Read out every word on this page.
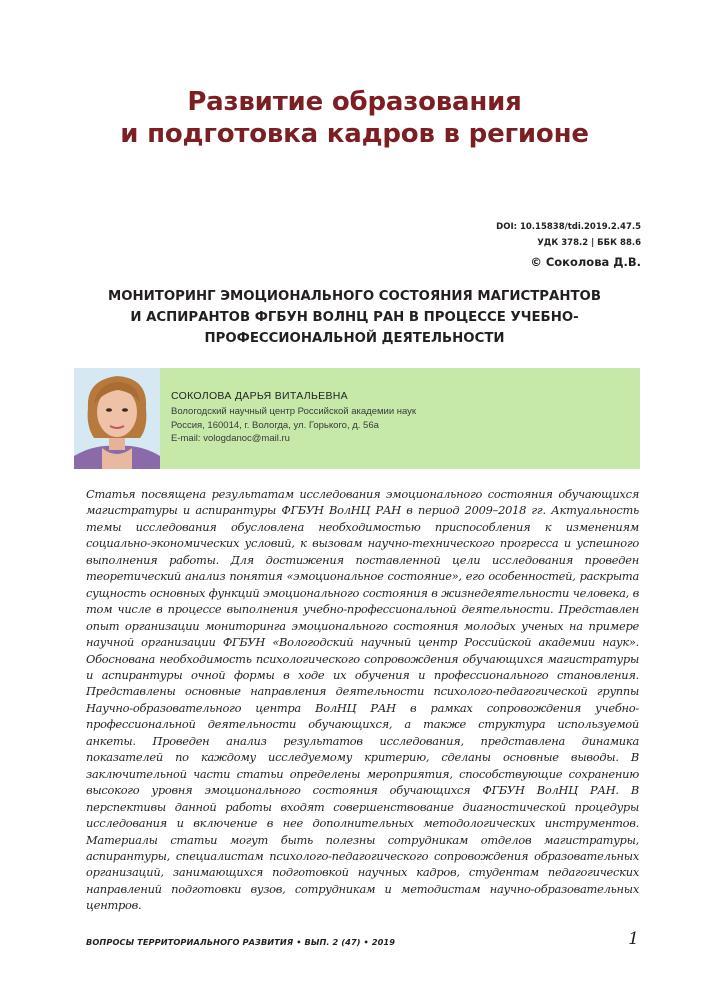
Развитие образования
и подготовка кадров в регионе
DOI: 10.15838/tdi.2019.2.47.5
УДК 378.2 | ББК 88.6
© Соколова Д.В.
МОНИТОРИНГ ЭМОЦИОНАЛЬНОГО СОСТОЯНИЯ МАГИСТРАНТОВ
И АСПИРАНТОВ ФГБУН ВОЛНЦ РАН В ПРОЦЕССЕ УЧЕБНО-
ПРОФЕССИОНАЛЬНОЙ ДЕЯТЕЛЬНОСТИ
СОКОЛОВА ДАРЬЯ ВИТАЛЬЕВНА
Вологодский научный центр Российской академии наук
Россия, 160014, г. Вологда, ул. Горького, д. 56а
E-mail: vologdanoc@mail.ru
Статья посвящена результатам исследования эмоционального состояния обучающихся магистратуры и аспирантуры ФГБУН ВолНЦ РАН в период 2009–2018 гг. Актуальность темы исследования обусловлена необходимостью приспособления к изменениям социально-экономических условий, к вызовам научно-технического прогресса и успешного выполнения работы. Для достижения поставленной цели исследования проведен теоретический анализ понятия «эмоциональное состояние», его особенностей, раскрыта сущность основных функций эмоционального состояния в жизнедеятельности человека, в том числе в процессе выполнения учебно-профессиональной деятельности. Представлен опыт организации мониторинга эмоционального состояния молодых ученых на примере научной организации ФГБУН «Вологодский научный центр Российской академии наук». Обоснована необходимость психологического сопровождения обучающихся магистратуры и аспирантуры очной формы в ходе их обучения и профессионального становления. Представлены основные направления деятельности психолого-педагогической группы Научно-образовательного центра ВолНЦ РАН в рамках сопровождения учебно-профессиональной деятельности обучающихся, а также структура используемой анкеты. Проведен анализ результатов исследования, представлена динамика показателей по каждому исследуемому критерию, сделаны основные выводы. В заключительной части статьи определены мероприятия, способствующие сохранению высокого уровня эмоционального состояния обучающихся ФГБУН ВолНЦ РАН. В перспективы данной работы входят совершенствование диагностической процедуры исследования и включение в нее дополнительных методологических инструментов. Материалы статьи могут быть полезны сотрудникам отделов магистратуры, аспирантуры, специалистам психолого-педагогического сопровождения образовательных организаций, занимающихся подготовкой научных кадров, студентам педагогических направлений подготовки вузов, сотрудникам и методистам научно-образовательных центров.
ВОПРОСЫ ТЕРРИТОРИАЛЬНОГО РАЗВИТИЯ • ВЫП. 2 (47) • 2019	1
